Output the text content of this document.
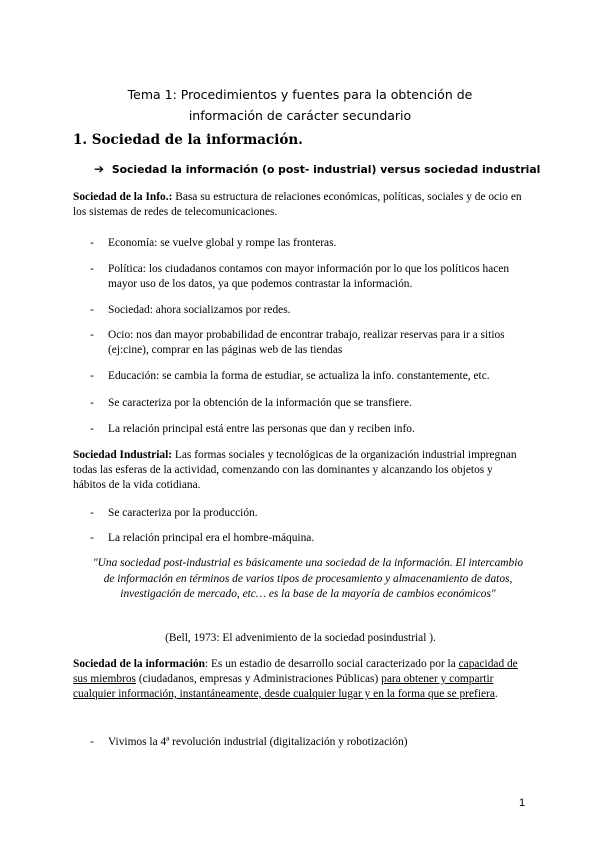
Tema 1: Procedimientos y fuentes para la obtención de
información de carácter secundario
1. Sociedad de la información.
➔ Sociedad la información (o post- industrial) versus sociedad industrial
Sociedad de la Info.: Basa su estructura de relaciones económicas, políticas, sociales y de ocio en los sistemas de redes de telecomunicaciones.
- Economía: se vuelve global y rompe las fronteras.
- Política: los ciudadanos contamos con mayor información por lo que los políticos hacen mayor uso de los datos, ya que podemos contrastar la información.
- Sociedad: ahora socializamos por redes.
- Ocio: nos dan mayor probabilidad de encontrar trabajo, realizar reservas para ir a sitios (ej:cine), comprar en las páginas web de las tiendas
- Educación: se cambia la forma de estudiar, se actualiza la info. constantemente, etc.
- Se caracteriza por la obtención de la información que se transfiere.
- La relación principal está entre las personas que dan y reciben info.
Sociedad Industrial: Las formas sociales y tecnológicas de la organización industrial impregnan todas las esferas de la actividad, comenzando con las dominantes y alcanzando los objetos y hábitos de la vida cotidiana.
- Se caracteriza por la producción.
- La relación principal era el hombre-máquina.
"Una sociedad post-industrial es básicamente una sociedad de la información. El intercambio de información en términos de varios tipos de procesamiento y almacenamiento de datos, investigación de mercado, etc… es la base de la mayoría de cambios económicos"
(Bell, 1973: El advenimiento de la sociedad posindustrial ).
Sociedad de la información: Es un estadio de desarrollo social caracterizado por la capacidad de sus miembros (ciudadanos, empresas y Administraciones Públicas) para obtener y compartir cualquier información, instantáneamente, desde cualquier lugar y en la forma que se prefiera.
- Vivimos la 4ª revolución industrial (digitalización y robotización)
1
